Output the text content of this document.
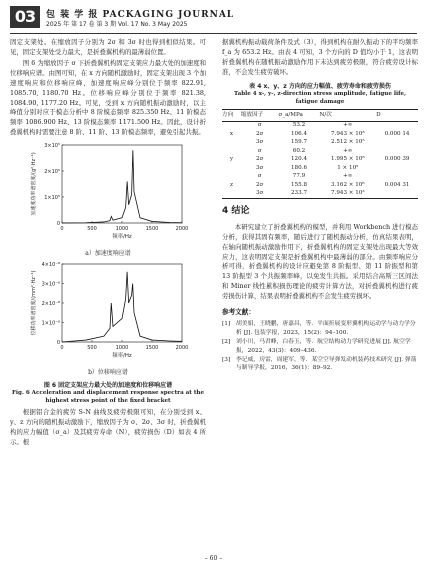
03	包 装 学 报 PACKAGING JOURNAL
2025 年 第 17 卷 第 3 期 Vol. 17 No. 3 May 2025

固定支架处。在缩放因子分别为 2σ 和 3σ 时也得到相似结果。可见，固定支架处受力最大，是折叠翼机构的最薄弱位置。

图 6 为缩放因子 σ 下折叠翼机构固定支架应力最大处的加速度和位移响应谱。由图可知，在 x 方向随机激励时，固定支架出现 3 个加速度响应和位移响应峰，加速度响应峰分别位于频率 822.91, 1085.70, 1180.70 Hz。位移响应峰分别位于频率 821.38, 1084.90, 1177.20 Hz。可见，受到 x 方向随机振动激励时，以主峰值分别对应于模态分析中 8 阶模态频率 825.350 Hz、11 阶模态频率 1086.900 Hz、13 阶模态频率 1171.500 Hz。因此，设计折叠翼机构时需要注意 8 阶、11 阶、13 阶模态频率，避免引起共振。

0	500	1000	1500	2000
0
1×10⁵
2×10⁵
3×10⁵
频率/Hz
加速度功率谱密度/(g²·Hz⁻¹)
a）加速度响应谱
0	500	1000	1500	2000
0
1×10⁻⁸
2×10⁻⁸
3×10⁻⁸
4×10⁻⁸
频率/Hz
位移功率谱密度/(mm²·Hz⁻¹)
b）位移响应谱
图 6 固定支架应力最大处的加速度和位移响应谱
Fig. 6 Acceleration and displacement response spectra at the highest stress point of the fixed bracket

根据铝合金的疲劳 S-N 曲线及疲劳极限可知，在分别受到 x、y、z 方向的随机振动激励下，缩放因子为 σ、2σ、3σ 时，折叠翼机构的应力幅值（σ_a）及其疲劳寿命（N），疲劳损伤（D）如表 4 所示。根

据翼机构振动载荷条件及式（3），得到机构在耐久振动下的平均频率 f_a 为 653.2 Hz。由表 4 可知，3 个方向的 D 值均小于 1，这表明折叠翼机构在随机振动激励作用下未达到疲劳极限，符合疲劳设计标准，不会发生疲劳破坏。

表 4 x、y、z 方向的应力幅值、疲劳寿命和疲劳损伤
Table 4 x-, y-, z-direction stress amplitude, fatigue life, fatigue damage
方向	缩放因子	σ_a/MPa	N/次	D
	σ	53.2	+∞	
x	2σ	106.4	7.943 × 10⁸	0.000 14
	3σ	159.7	2.512 × 10⁵	
	σ	60.2	+∞	
y	2σ	120.4	1.995 × 10⁸	0.000 39
	3σ	180.6	1 × 10⁵	
	σ	77.9	+∞	
z	2σ	155.8	3.162 × 10⁶	0.004 31
	3σ	233.7	7.943 × 10³	
4 结论

本研究建立了折叠翼机构的模型，并利用 Workbench 进行模态分析，获得其固有频率，随后进行了随机振动分析，仿真结果表明，在轴向随机振动激励作用下，折叠翼机构的固定支架处出现最大等效应力，这表明固定支架是折叠翼机构中最薄弱的部分。由频率响应分析可得，折叠翼机构的设计应避免第 8 阶振型、第 11 阶振型和第 13 阶振型 3 个共振频率峰，以免发生共振。采用结合高斯三区间法和 Miner 线性累积损伤理论的疲劳计算方法，对折叠翼机构进行疲劳损伤计算，结果表明折叠翼机构不会发生疲劳损坏。

参考文献：
[1] 胡美娟，王晓鹏，唐嘉昌，等．平面折展变形翼机构运动学与动力学分析 [J]. 包装学报，2023，15(2)：94–100.
[2] 刘小川，马君峰，白春玉，等．航空结构动力学研究进展 [J]. 航空学报，2022，43(3)：409–436.
[3] 李记威，房雷，周建军，等．某空空导弹发动机装药技术研究 [J]. 弹箭与制导学报，2016，36(1)：89–92.
– 60 –
